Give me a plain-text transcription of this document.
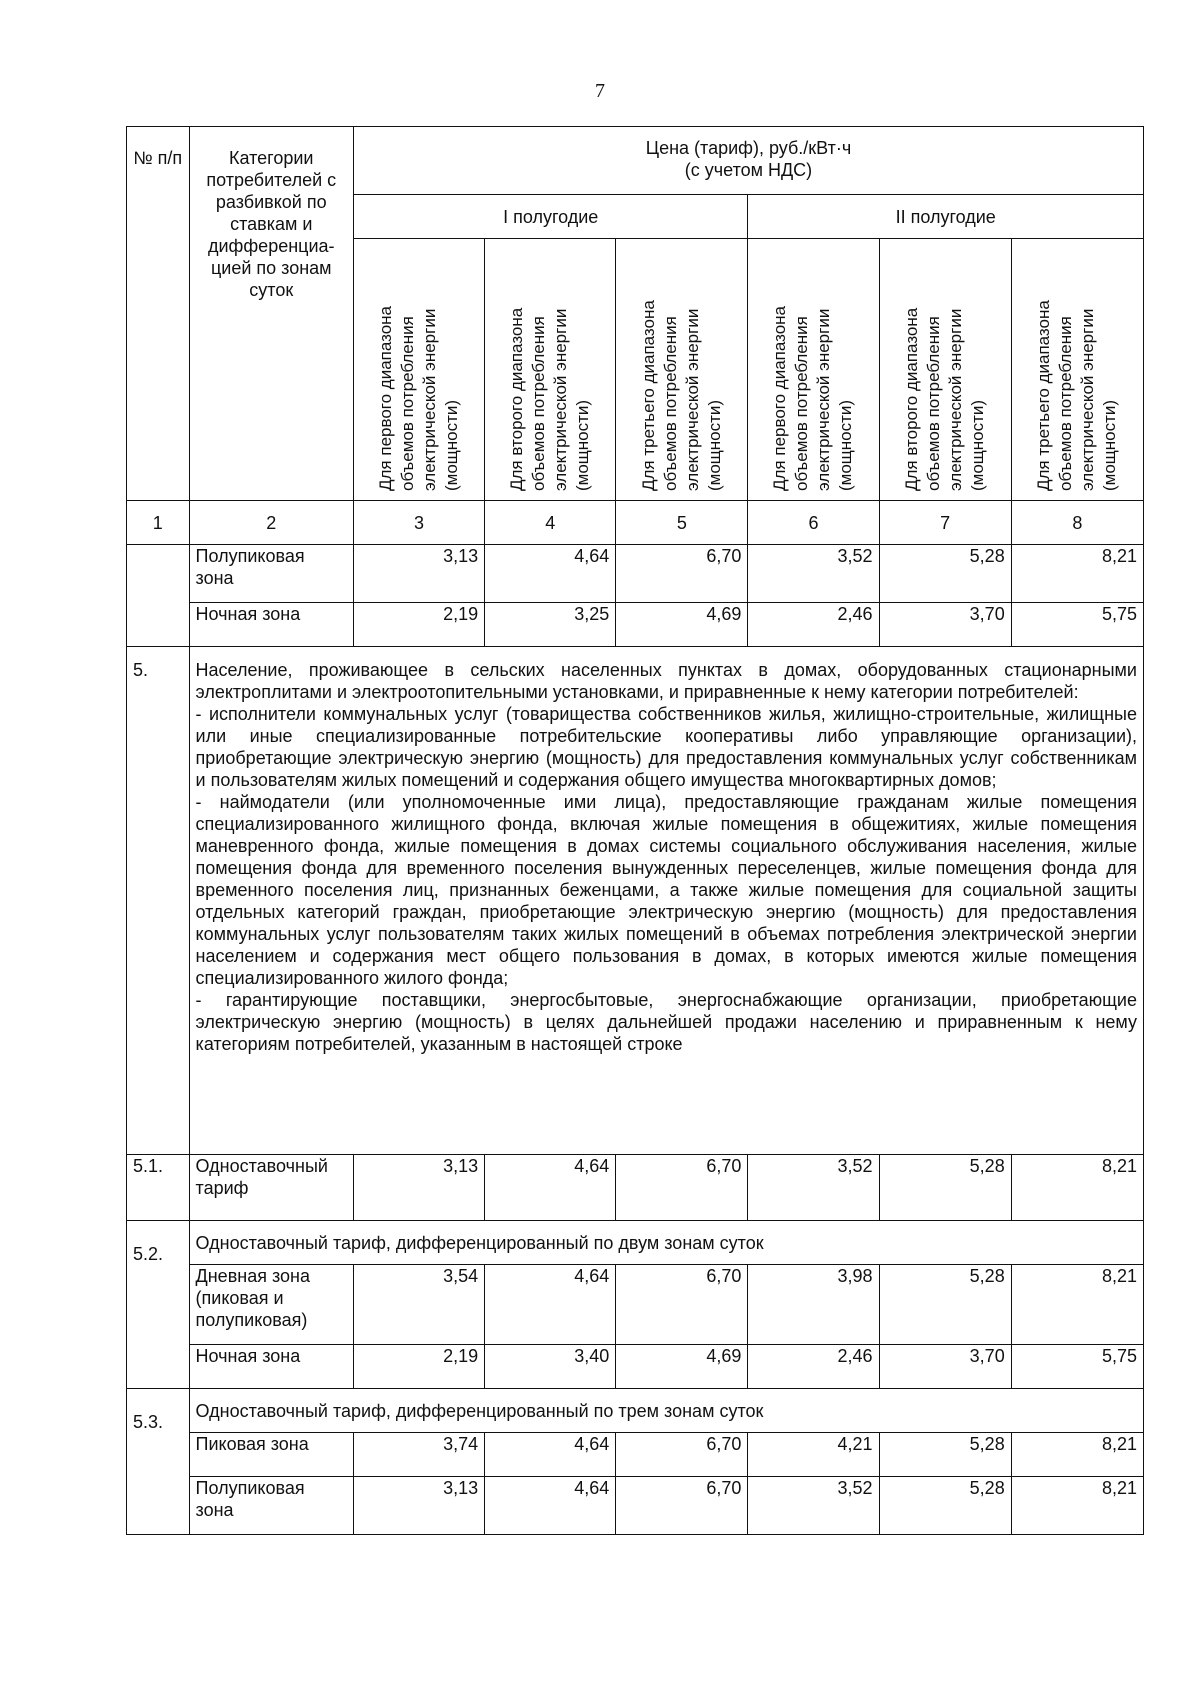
7
№ п/п	Категории потребителей с разбивкой по ставкам и дифференциа-цией по зонам суток	Цена (тариф), руб./кВт·ч
(с учетом НДС)					

		I полугодие			II полугодие		

		Для первого диапазона объемов потребления электрической энергии (мощности)	Для второго диапазона объемов потребления электрической энергии (мощности)	Для третьего диапазона объемов потребления электрической энергии (мощности)	Для первого диапазона объемов потребления электрической энергии (мощности)	Для второго диапазона объемов потребления электрической энергии (мощности)	Для третьего диапазона объемов потребления электрической энергии (мощности)

1	2	3	4	5	6	7	8
	Полупиковая зона	3,13	4,64	6,70	3,52	5,28	8,21
	Ночная зона	2,19	3,25	4,69	2,46	3,70	5,75
5.	Население, проживающее в сельских населенных пунктах в домах, оборудованных стационарными электроплитами и электроотопительными установками, и приравненные к нему категории потребителей:
- исполнители коммунальных услуг (товарищества собственников жилья, жилищно-строительные, жилищные или иные специализированные потребительские кооперативы либо управляющие организации), приобретающие электрическую энергию (мощность) для предоставления коммунальных услуг собственникам и пользователям жилых помещений и содержания общего имущества многоквартирных домов;
- наймодатели (или уполномоченные ими лица), предоставляющие гражданам жилые помещения специализированного жилищного фонда, включая жилые помещения в общежитиях, жилые помещения маневренного фонда, жилые помещения в домах системы социального обслуживания населения, жилые помещения фонда для временного поселения вынужденных переселенцев, жилые помещения фонда для временного поселения лиц, признанных беженцами, а также жилые помещения для социальной защиты отдельных категорий граждан, приобретающие электрическую энергию (мощность) для предоставления коммунальных услуг пользователям таких жилых помещений в объемах потребления электрической энергии населением и содержания мест общего пользования в домах, в которых имеются жилые помещения специализированного жилого фонда;
- гарантирующие поставщики, энергосбытовые, энергоснабжающие организации, приобретающие электрическую энергию (мощность) в целях дальнейшей продажи населению и приравненным к нему категориям потребителей, указанным в настоящей строке						

5.1.	Одноставочный тариф	3,13	4,64	6,70	3,52	5,28	8,21
5.2.	Одноставочный тариф, дифференцированный по двум зонам суток						
	Дневная зона (пиковая и полупиковая)	3,54	4,64	6,70	3,98	5,28	8,21
	Ночная зона	2,19	3,40	4,69	2,46	3,70	5,75
5.3.	Одноставочный тариф, дифференцированный по трем зонам суток						
	Пиковая зона	3,74	4,64	6,70	4,21	5,28	8,21
	Полупиковая зона	3,13	4,64	6,70	3,52	5,28	8,21
